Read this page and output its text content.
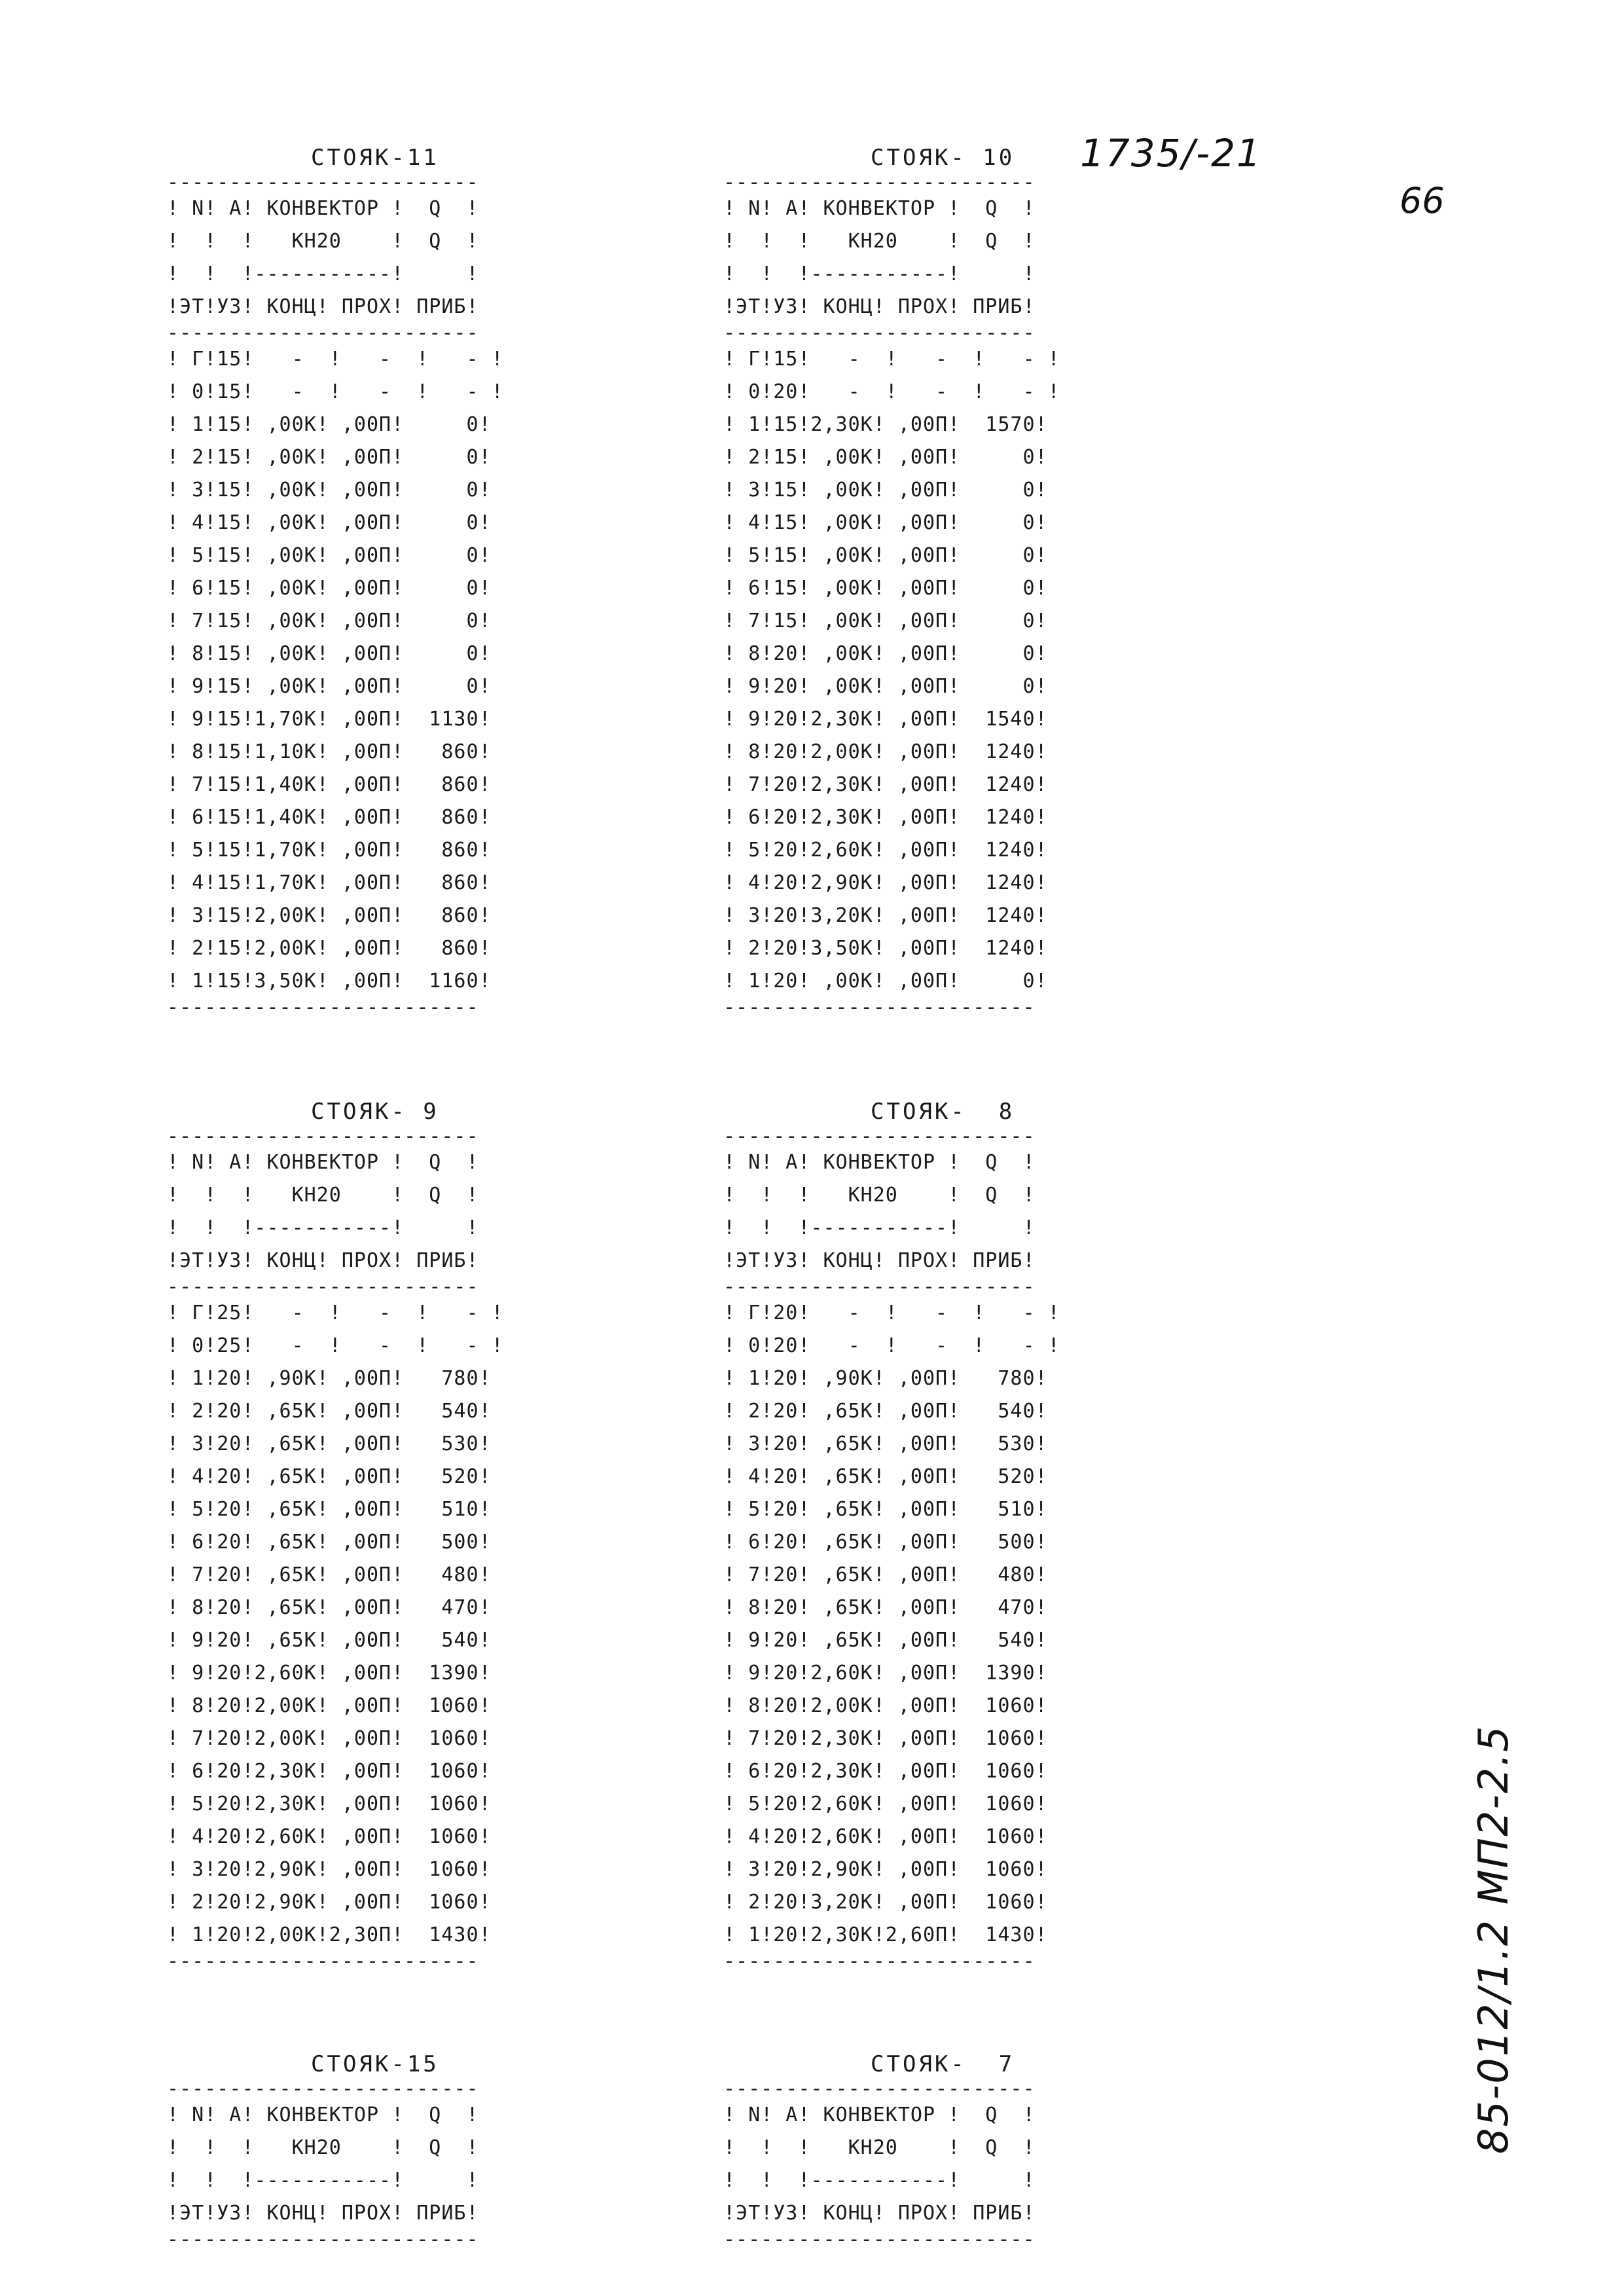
66
1735/-21
85-012/1.2 МП2-2.5
СТОЯК-11
-------------------------
! N! A! КОНВЕКТОР !  Q  !
!  !  !   КН20    !  Q  !
!  !  !-----------!     !
!ЭТ!УЗ! КОНЦ! ПРОХ! ПРИБ!
-------------------------
! Г!15!   -  !   -  !   - !
! 0!15!   -  !   -  !   - !
! 1!15! ,00К! ,00П!     0!
! 2!15! ,00К! ,00П!     0!
! 3!15! ,00К! ,00П!     0!
! 4!15! ,00К! ,00П!     0!
! 5!15! ,00К! ,00П!     0!
! 6!15! ,00К! ,00П!     0!
! 7!15! ,00К! ,00П!     0!
! 8!15! ,00К! ,00П!     0!
! 9!15! ,00К! ,00П!     0!
! 9!15!1,70К! ,00П!  1130!
! 8!15!1,10К! ,00П!   860!
! 7!15!1,40К! ,00П!   860!
! 6!15!1,40К! ,00П!   860!
! 5!15!1,70К! ,00П!   860!
! 4!15!1,70К! ,00П!   860!
! 3!15!2,00К! ,00П!   860!
! 2!15!2,00К! ,00П!   860!
! 1!15!3,50К! ,00П!  1160!
-------------------------
СТОЯК- 10
-------------------------
! N! A! КОНВЕКТОР !  Q  !
!  !  !   КН20    !  Q  !
!  !  !-----------!     !
!ЭТ!УЗ! КОНЦ! ПРОХ! ПРИБ!
-------------------------
! Г!15!   -  !   -  !   - !
! 0!20!   -  !   -  !   - !
! 1!15!2,30К! ,00П!  1570!
! 2!15! ,00К! ,00П!     0!
! 3!15! ,00К! ,00П!     0!
! 4!15! ,00К! ,00П!     0!
! 5!15! ,00К! ,00П!     0!
! 6!15! ,00К! ,00П!     0!
! 7!15! ,00К! ,00П!     0!
! 8!20! ,00К! ,00П!     0!
! 9!20! ,00К! ,00П!     0!
! 9!20!2,30К! ,00П!  1540!
! 8!20!2,00К! ,00П!  1240!
! 7!20!2,30К! ,00П!  1240!
! 6!20!2,30К! ,00П!  1240!
! 5!20!2,60К! ,00П!  1240!
! 4!20!2,90К! ,00П!  1240!
! 3!20!3,20К! ,00П!  1240!
! 2!20!3,50К! ,00П!  1240!
! 1!20! ,00К! ,00П!     0!
-------------------------
СТОЯК- 9
-------------------------
! N! A! КОНВЕКТОР !  Q  !
!  !  !   КН20    !  Q  !
!  !  !-----------!     !
!ЭТ!УЗ! КОНЦ! ПРОХ! ПРИБ!
-------------------------
! Г!25!   -  !   -  !   - !
! 0!25!   -  !   -  !   - !
! 1!20! ,90К! ,00П!   780!
! 2!20! ,65К! ,00П!   540!
! 3!20! ,65К! ,00П!   530!
! 4!20! ,65К! ,00П!   520!
! 5!20! ,65К! ,00П!   510!
! 6!20! ,65К! ,00П!   500!
! 7!20! ,65К! ,00П!   480!
! 8!20! ,65К! ,00П!   470!
! 9!20! ,65К! ,00П!   540!
! 9!20!2,60К! ,00П!  1390!
! 8!20!2,00К! ,00П!  1060!
! 7!20!2,00К! ,00П!  1060!
! 6!20!2,30К! ,00П!  1060!
! 5!20!2,30К! ,00П!  1060!
! 4!20!2,60К! ,00П!  1060!
! 3!20!2,90К! ,00П!  1060!
! 2!20!2,90К! ,00П!  1060!
! 1!20!2,00К!2,30П!  1430!
-------------------------
СТОЯК-  8
-------------------------
! N! A! КОНВЕКТОР !  Q  !
!  !  !   КН20    !  Q  !
!  !  !-----------!     !
!ЭТ!УЗ! КОНЦ! ПРОХ! ПРИБ!
-------------------------
! Г!20!   -  !   -  !   - !
! 0!20!   -  !   -  !   - !
! 1!20! ,90К! ,00П!   780!
! 2!20! ,65К! ,00П!   540!
! 3!20! ,65К! ,00П!   530!
! 4!20! ,65К! ,00П!   520!
! 5!20! ,65К! ,00П!   510!
! 6!20! ,65К! ,00П!   500!
! 7!20! ,65К! ,00П!   480!
! 8!20! ,65К! ,00П!   470!
! 9!20! ,65К! ,00П!   540!
! 9!20!2,60К! ,00П!  1390!
! 8!20!2,00К! ,00П!  1060!
! 7!20!2,30К! ,00П!  1060!
! 6!20!2,30К! ,00П!  1060!
! 5!20!2,60К! ,00П!  1060!
! 4!20!2,60К! ,00П!  1060!
! 3!20!2,90К! ,00П!  1060!
! 2!20!3,20К! ,00П!  1060!
! 1!20!2,30К!2,60П!  1430!
-------------------------
СТОЯК-15
-------------------------
! N! A! КОНВЕКТОР !  Q  !
!  !  !   КН20    !  Q  !
!  !  !-----------!     !
!ЭТ!УЗ! КОНЦ! ПРОХ! ПРИБ!
-------------------------
СТОЯК-  7
-------------------------
! N! A! КОНВЕКТОР !  Q  !
!  !  !   КН20    !  Q  !
!  !  !-----------!     !
!ЭТ!УЗ! КОНЦ! ПРОХ! ПРИБ!
-------------------------
